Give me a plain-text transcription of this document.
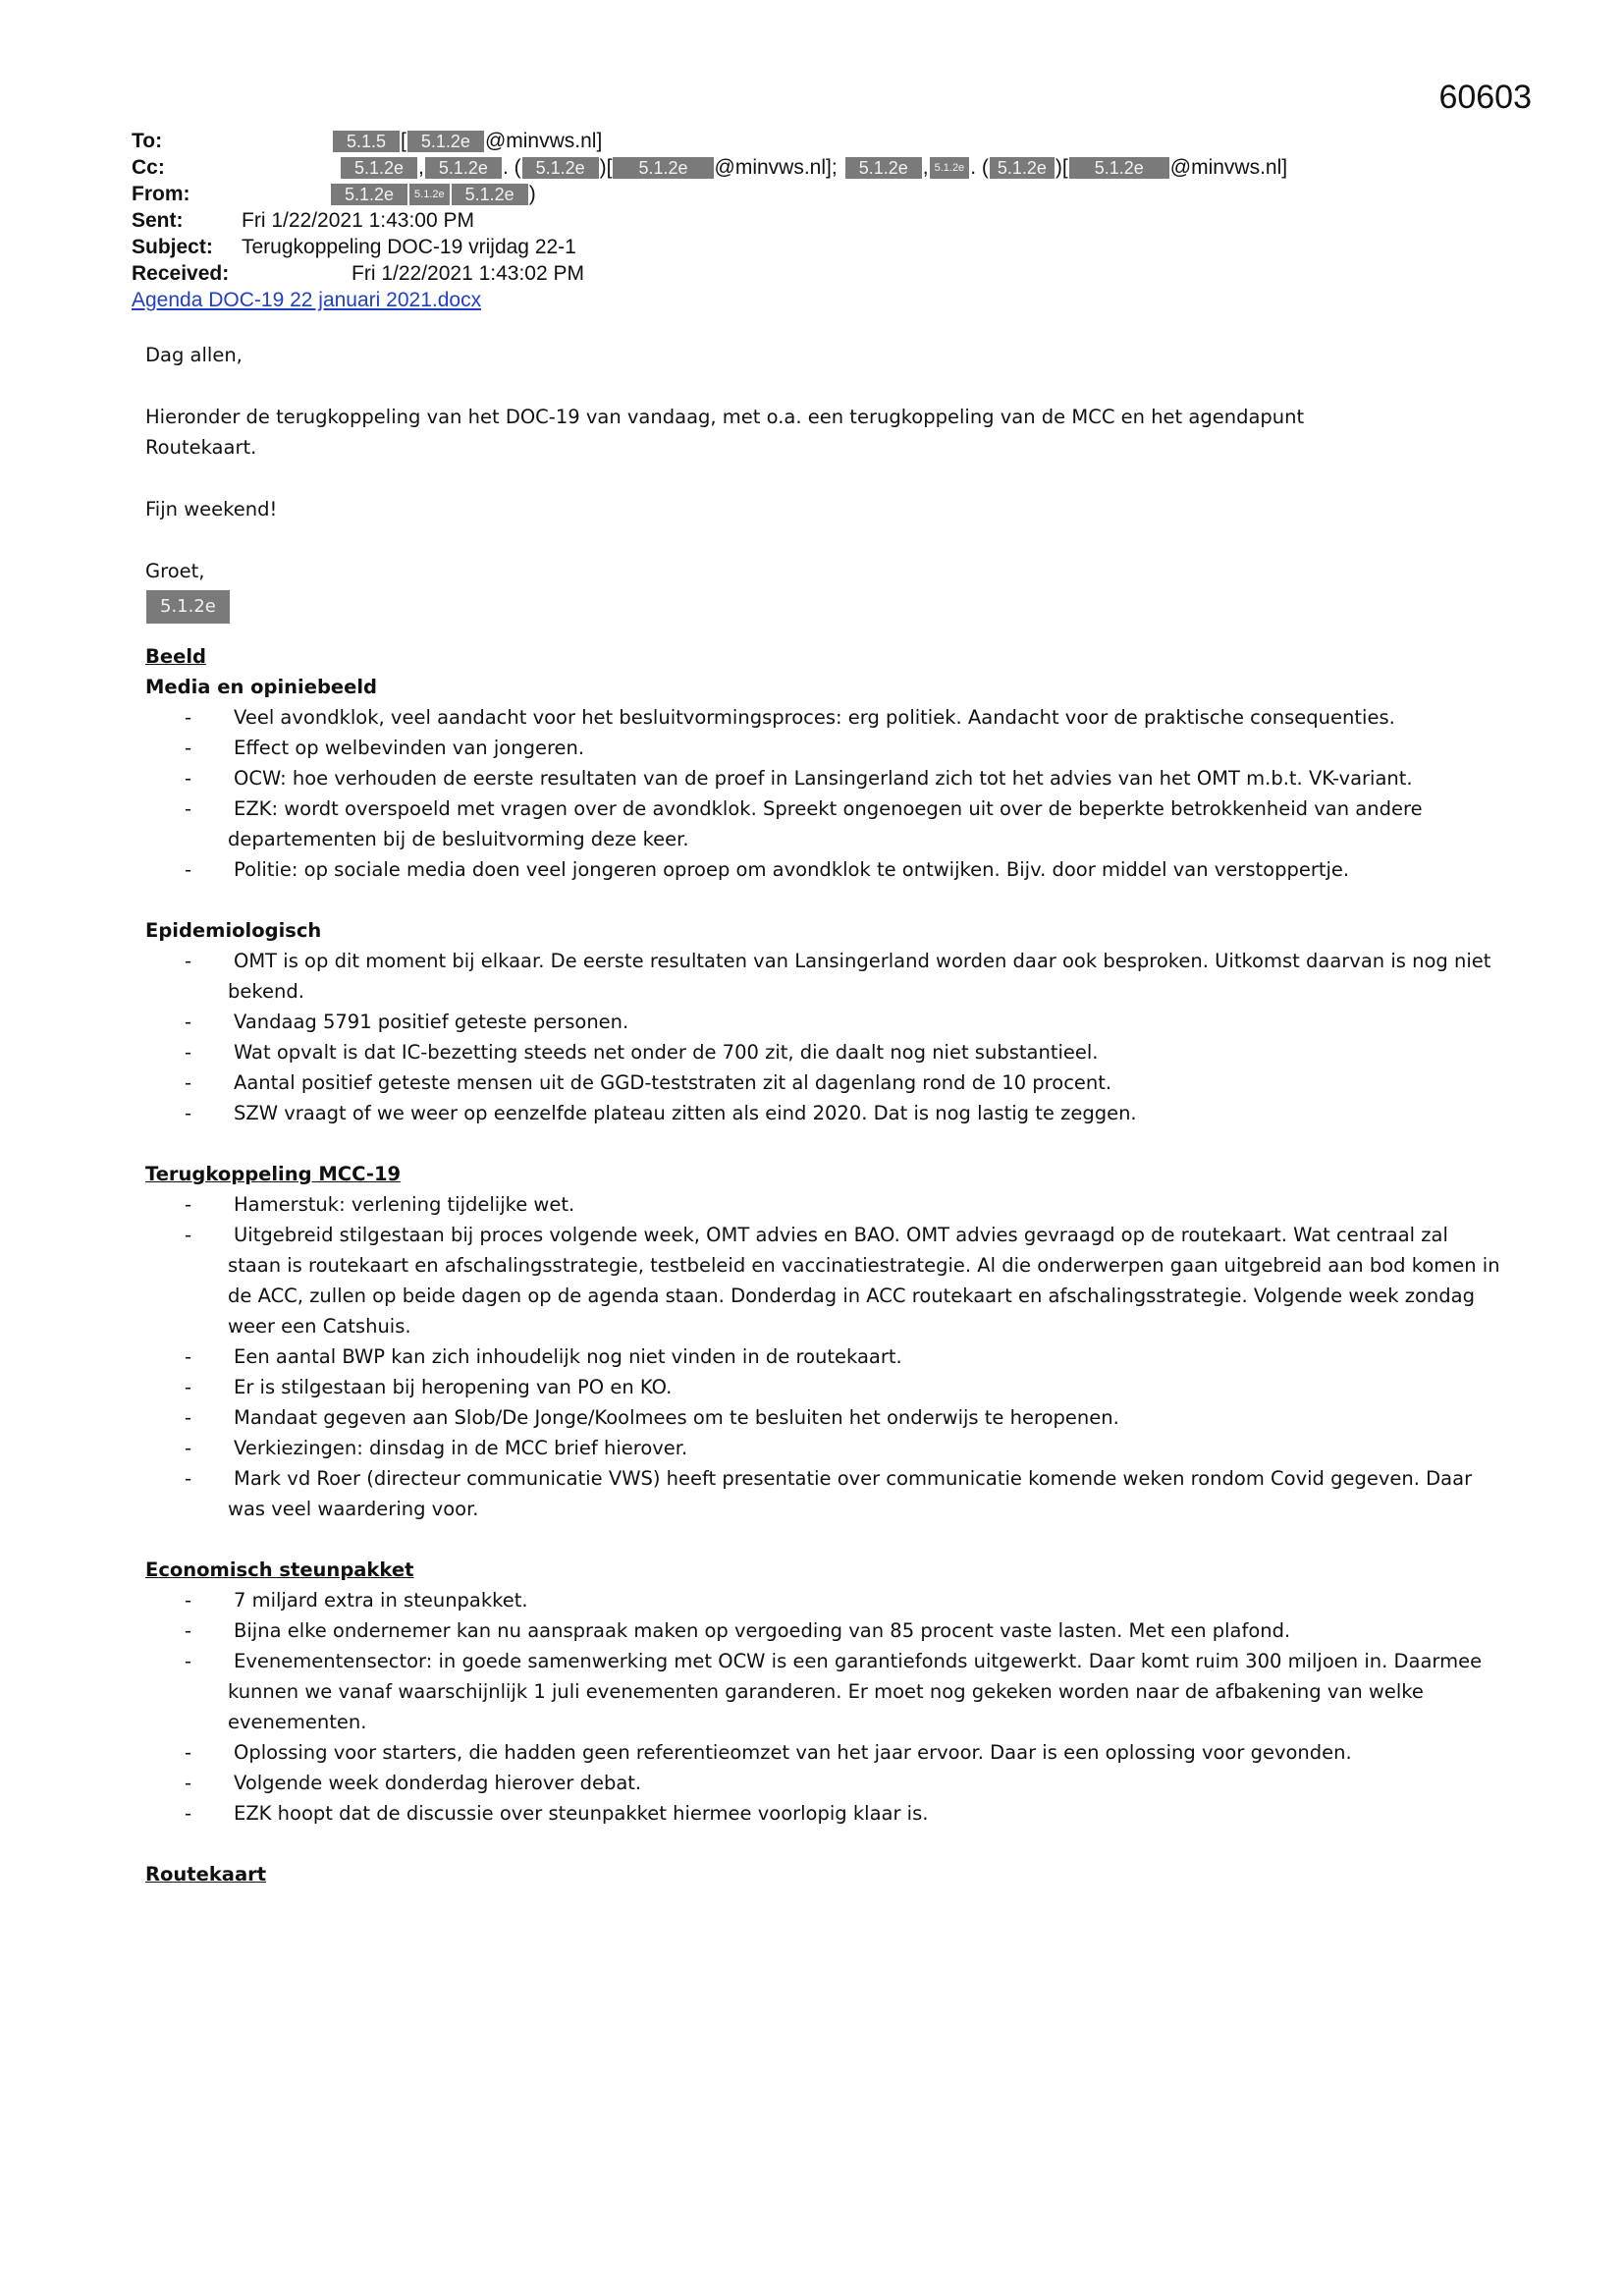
60603
To:	5.1.5 [ 5.1.2e @minvws.nl]
Cc:	5.1.2e , 5.1.2e . ( 5.1.2e )[	5.1.2e	@minvws.nl];	5.1.2e , 5.1.2e . ( 5.1.2e )[	5.1.2e	@minvws.nl]
From:	5.1.2e	5.1.2e	5.1.2e )
Sent:	Fri 1/22/2021 1:43:00 PM
Subject:	Terugkoppeling DOC-19 vrijdag 22-1
Received:	Fri 1/22/2021 1:43:02 PM
Agenda DOC-19 22 januari 2021.docx

Dag allen,

Hieronder de terugkoppeling van het DOC-19 van vandaag, met o.a. een terugkoppeling van de MCC en het agendapunt

Routekaart.

Fijn weekend!

Groet,

5.1.2e

Beeld

Media en opiniebeeld

- Veel avondklok, veel aandacht voor het besluitvormingsproces: erg politiek. Aandacht voor de praktische consequenties.
- Effect op welbevinden van jongeren.
- OCW: hoe verhouden de eerste resultaten van de proef in Lansingerland zich tot het advies van het OMT m.b.t. VK-variant.
- EZK: wordt overspoeld met vragen over de avondklok. Spreekt ongenoegen uit over de beperkte betrokkenheid van andere departementen bij de besluitvorming deze keer.
- Politie: op sociale media doen veel jongeren oproep om avondklok te ontwijken. Bijv. door middel van verstoppertje.

Epidemiologisch

- OMT is op dit moment bij elkaar. De eerste resultaten van Lansingerland worden daar ook besproken. Uitkomst daarvan is nog niet bekend.
- Vandaag 5791 positief geteste personen.
- Wat opvalt is dat IC-bezetting steeds net onder de 700 zit, die daalt nog niet substantieel.
- Aantal positief geteste mensen uit de GGD-teststraten zit al dagenlang rond de 10 procent.
- SZW vraagt of we weer op eenzelfde plateau zitten als eind 2020. Dat is nog lastig te zeggen.

Terugkoppeling MCC-19

- Hamerstuk: verlening tijdelijke wet.
- Uitgebreid stilgestaan bij proces volgende week, OMT advies en BAO. OMT advies gevraagd op de routekaart. Wat centraal zal staan is routekaart en afschalingsstrategie, testbeleid en vaccinatiestrategie. Al die onderwerpen gaan uitgebreid aan bod komen in de ACC, zullen op beide dagen op de agenda staan. Donderdag in ACC routekaart en afschalingsstrategie. Volgende week zondag weer een Catshuis.
- Een aantal BWP kan zich inhoudelijk nog niet vinden in de routekaart.
- Er is stilgestaan bij heropening van PO en KO.
- Mandaat gegeven aan Slob/De Jonge/Koolmees om te besluiten het onderwijs te heropenen.
- Verkiezingen: dinsdag in de MCC brief hierover.
- Mark vd Roer (directeur communicatie VWS) heeft presentatie over communicatie komende weken rondom Covid gegeven. Daar was veel waardering voor.

Economisch steunpakket

- 7 miljard extra in steunpakket.
- Bijna elke ondernemer kan nu aanspraak maken op vergoeding van 85 procent vaste lasten. Met een plafond.
- Evenementensector: in goede samenwerking met OCW is een garantiefonds uitgewerkt. Daar komt ruim 300 miljoen in. Daarmee kunnen we vanaf waarschijnlijk 1 juli evenementen garanderen. Er moet nog gekeken worden naar de afbakening van welke evenementen.
- Oplossing voor starters, die hadden geen referentieomzet van het jaar ervoor. Daar is een oplossing voor gevonden.
- Volgende week donderdag hierover debat.
- EZK hoopt dat de discussie over steunpakket hiermee voorlopig klaar is.

Routekaart
